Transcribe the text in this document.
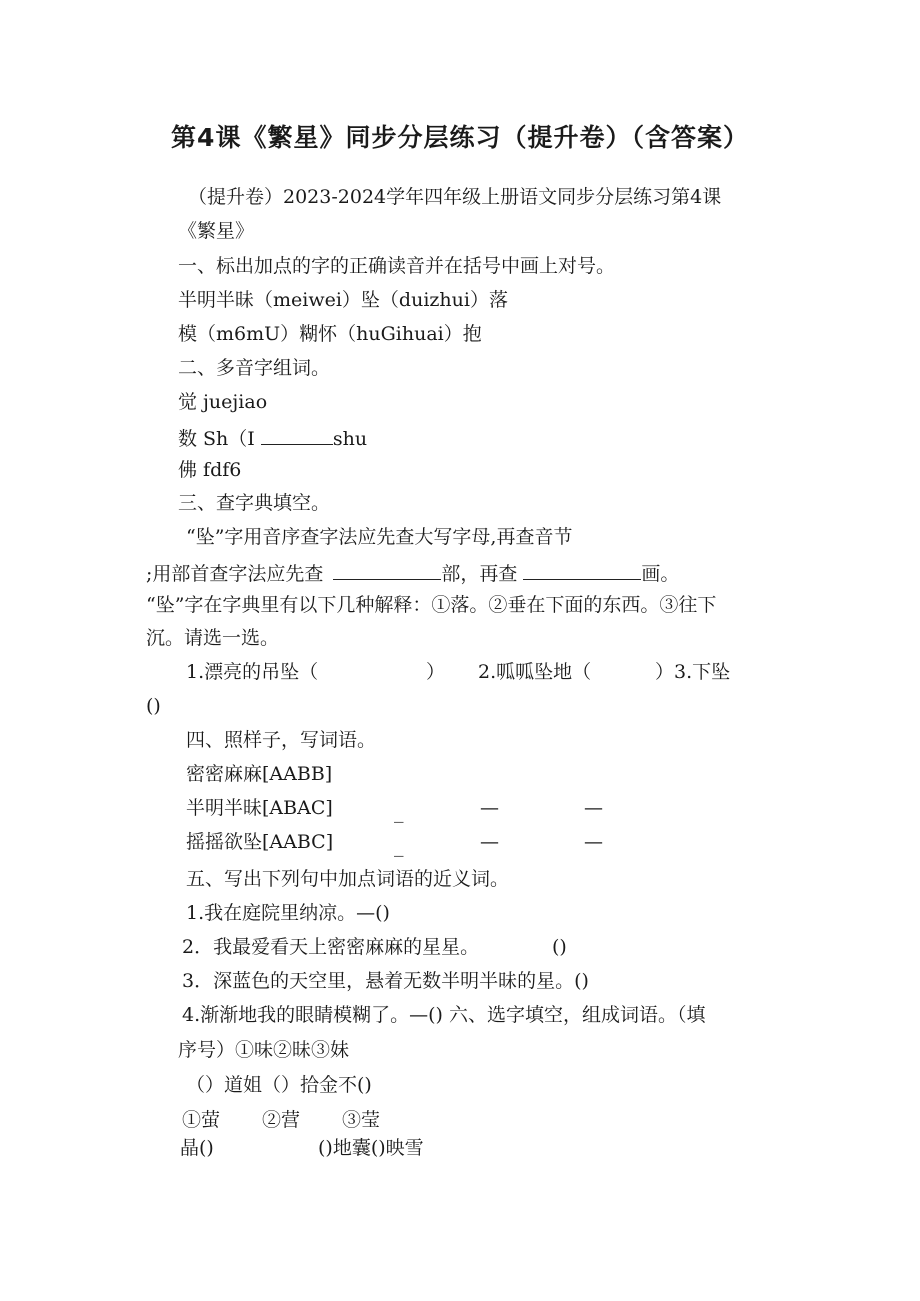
第4课《繁星》同步分层练习（提升卷）（含答案）
（提升卷）2023-2024学年四年级上册语文同步分层练习第4课
《繁星》
一、标出加点的字的正确读音并在括号中画上对号。
半明半昧（meiwei）坠（duizhui）落
模（m6mU）糊怀（huGihuai）抱
二、多音字组词。
觉 juejiao
数 Sh（I	shu
佛 fdf6
三、查字典填空。
“坠”字用音序查字法应先查大写字母,再查音节
;用部首查字法应先查	部，再查	画。
“坠”字在字典里有以下几种解释：①落。②垂在下面的东西。③往下
沉。请选一选。
1.漂亮的吊坠（	） 2.呱呱坠地（	）3.下坠
()
四、照样子，写词语。
密密麻麻[AABB]
半明半昧[ABAC]	_	—	—
摇摇欲坠[AABC]	_	—	—
五、写出下列句中加点词语的近义词。
1.我在庭院里纳凉。—()
2．我最爱看天上密密麻麻的星星。	()
3．深蓝色的天空里，悬着无数半明半昧的星。()
4.渐渐地我的眼睛模糊了。—() 六、选字填空，组成词语。（填
序号）①味②昧③妹
（）道姐（）拾金不()
①萤 ②营 ③莹
晶()	()地囊()映雪
